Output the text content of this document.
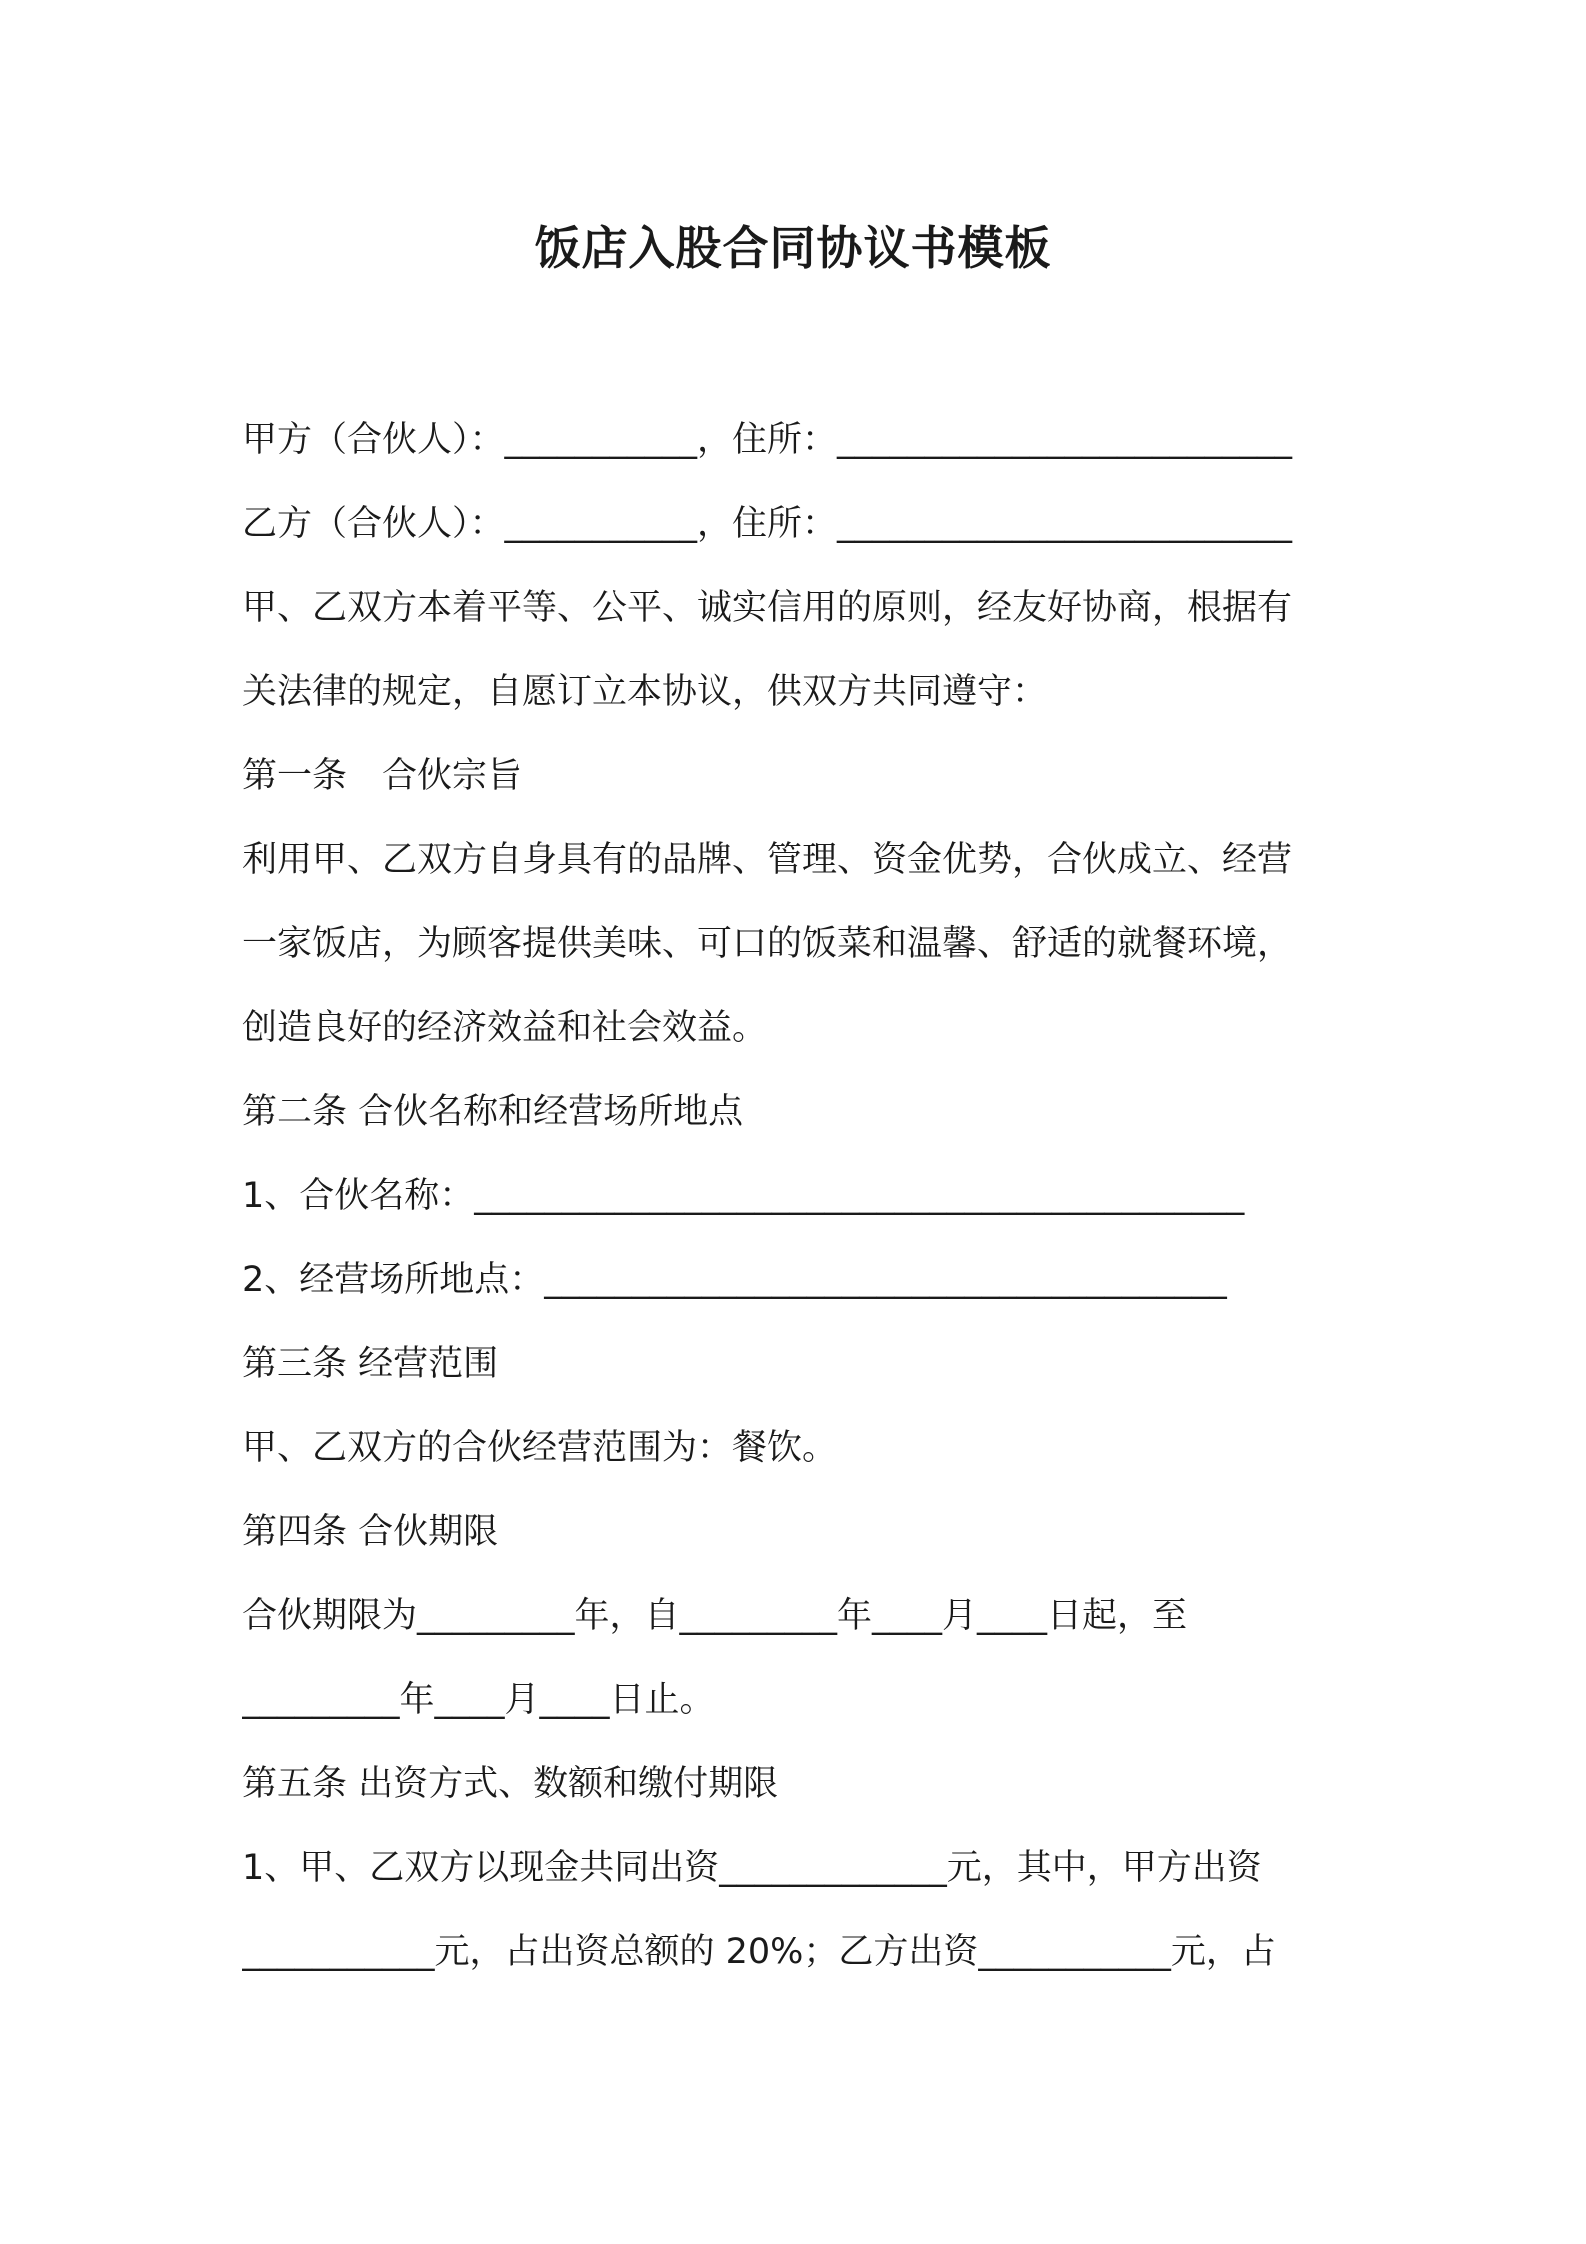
饭店入股合同协议书模板
甲方（合伙人）：___________，住所：__________________________
乙方（合伙人）：___________，住所：__________________________
甲、乙双方本着平等、公平、诚实信用的原则，经友好协商，根据有
关法律的规定，自愿订立本协议，供双方共同遵守：
第一条　合伙宗旨
利用甲、乙双方自身具有的品牌、管理、资金优势，合伙成立、经营
一家饭店，为顾客提供美味、可口的饭菜和温馨、舒适的就餐环境，
创造良好的经济效益和社会效益。
第二条 合伙名称和经营场所地点
1、合伙名称：____________________________________________
2、经营场所地点：_______________________________________
第三条 经营范围
甲、乙双方的合伙经营范围为：餐饮。
第四条 合伙期限
合伙期限为_________年，自_________年____月____日起，至
_________年____月____日止。
第五条 出资方式、数额和缴付期限
1、甲、乙双方以现金共同出资_____________元，其中，甲方出资
___________元，占出资总额的 20%；乙方出资___________元，占
